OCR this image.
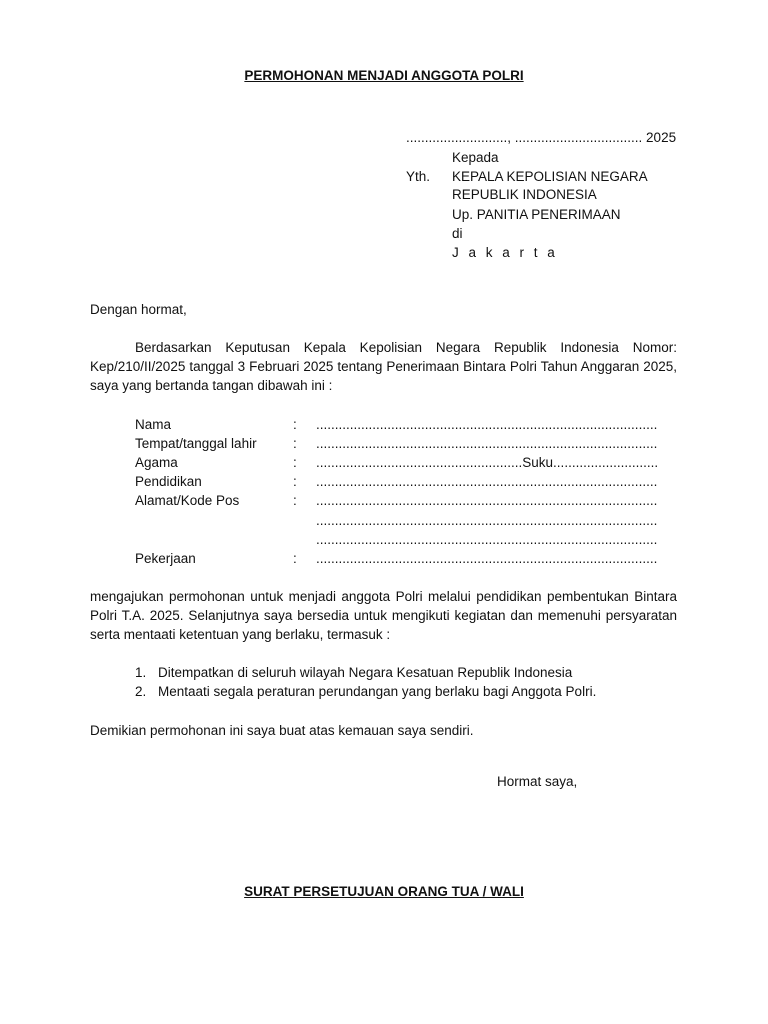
PERMOHONAN MENJADI ANGGOTA POLRI
..........................., .................................. 2025
Kepada
Yth. KEPALA KEPOLISIAN NEGARA
REPUBLIK INDONESIA
Up. PANITIA PENERIMAAN
di
J a k a r t a
Dengan hormat,
Berdasarkan Keputusan Kepala Kepolisian Negara Republik Indonesia Nomor: Kep/210/II/2025 tanggal 3 Februari 2025 tentang Penerimaan Bintara Polri Tahun Anggaran 2025, saya yang bertanda tangan dibawah ini :
Nama	: ...........................................................................................
Tempat/tanggal lahir	: ...........................................................................................
Agama	: .......................................................Suku............................
Pendidikan	: ...........................................................................................
Alamat/Kode Pos	: ...........................................................................................
...........................................................................................
...........................................................................................
Pekerjaan	: ...........................................................................................
mengajukan permohonan untuk menjadi anggota Polri melalui pendidikan pembentukan Bintara Polri T.A. 2025. Selanjutnya saya bersedia untuk mengikuti kegiatan dan memenuhi persyaratan serta mentaati ketentuan yang berlaku, termasuk :
1. Ditempatkan di seluruh wilayah Negara Kesatuan Republik Indonesia
2. Mentaati segala peraturan perundangan yang berlaku bagi Anggota Polri.
Demikian permohonan ini saya buat atas kemauan saya sendiri.
Hormat saya,
SURAT PERSETUJUAN ORANG TUA / WALI
